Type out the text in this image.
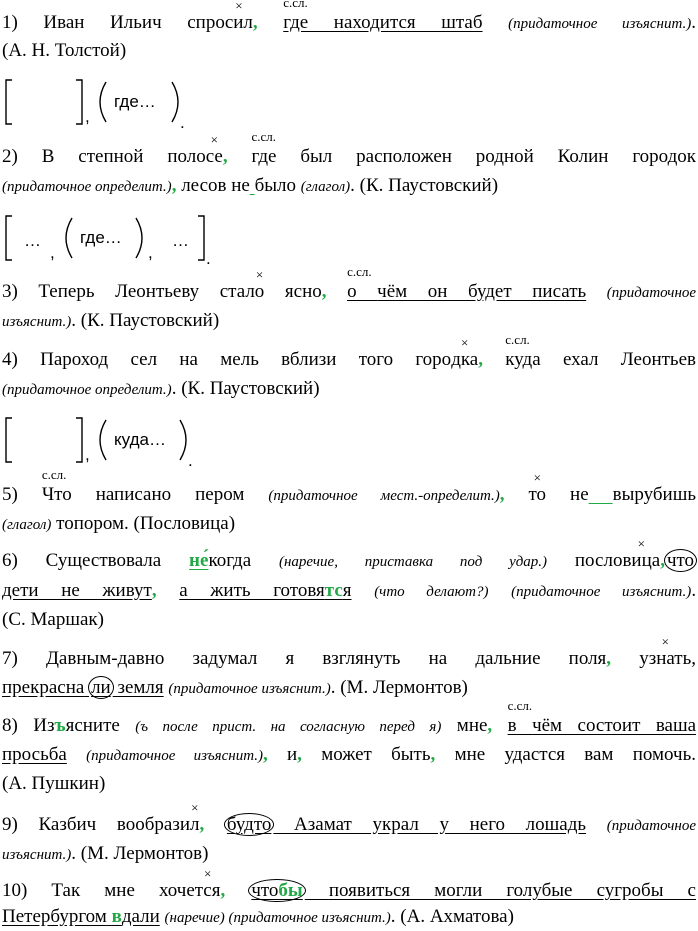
1) Иван Ильич спро× сил,
с.сл.
где находится штаб (придаточное изъяснит.).
(А. Н. Толстой)
,
где…
.
2) В степной поло× се,
с.сл.
где был расположен родной Колин городок
(придаточное определит.), лесов не было (глагол). (К. Паустовский)
…
,
где…
,
…
.
3) Теперь Леонтьеву стал× о ясно,
с.сл.
о чём он будет писать (придаточное
изъяснит.). (К. Паустовский)
4) Пароход сел на мель вблизи того горо× дка,
с.сл.
куда ехал Леонтьев
(придаточное определит.). (К. Паустовский)
,
куда…
.
5)
с.сл.
Что написано пером (придаточное мест.-определит.), × то не вырубишь
(глагол) топором. (Пословица)
6) Существовала не́когда (наречие, приставка под удар.) посло× вица, что
дети не живут, а жить готовятся (что делают?) (придаточное изъяснит.).
(С. Маршак)
7) Давным-давно задумал я взглянуть на дальние поля, × узнать,
прекрасна ли земля (придаточное изъяснит.). (М. Лермонтов)
8) Изъясните (ъ после прист. на согласную перед я) мне,
с.сл.
в чём состоит ваша
просьба (придаточное изъяснит.), и, может быть, мне удастся вам помочь.
(А. Пушкин)
9) Казбич вообрази× л, будто Азамат украл у него лошадь (придаточное
изъяснит.). (М. Лермонтов)
10) Так мне хоче× тся, чтобы появиться могли голубые сугробы с
Петербургом вдали (наречие) (придаточное изъяснит.). (А. Ахматова)
